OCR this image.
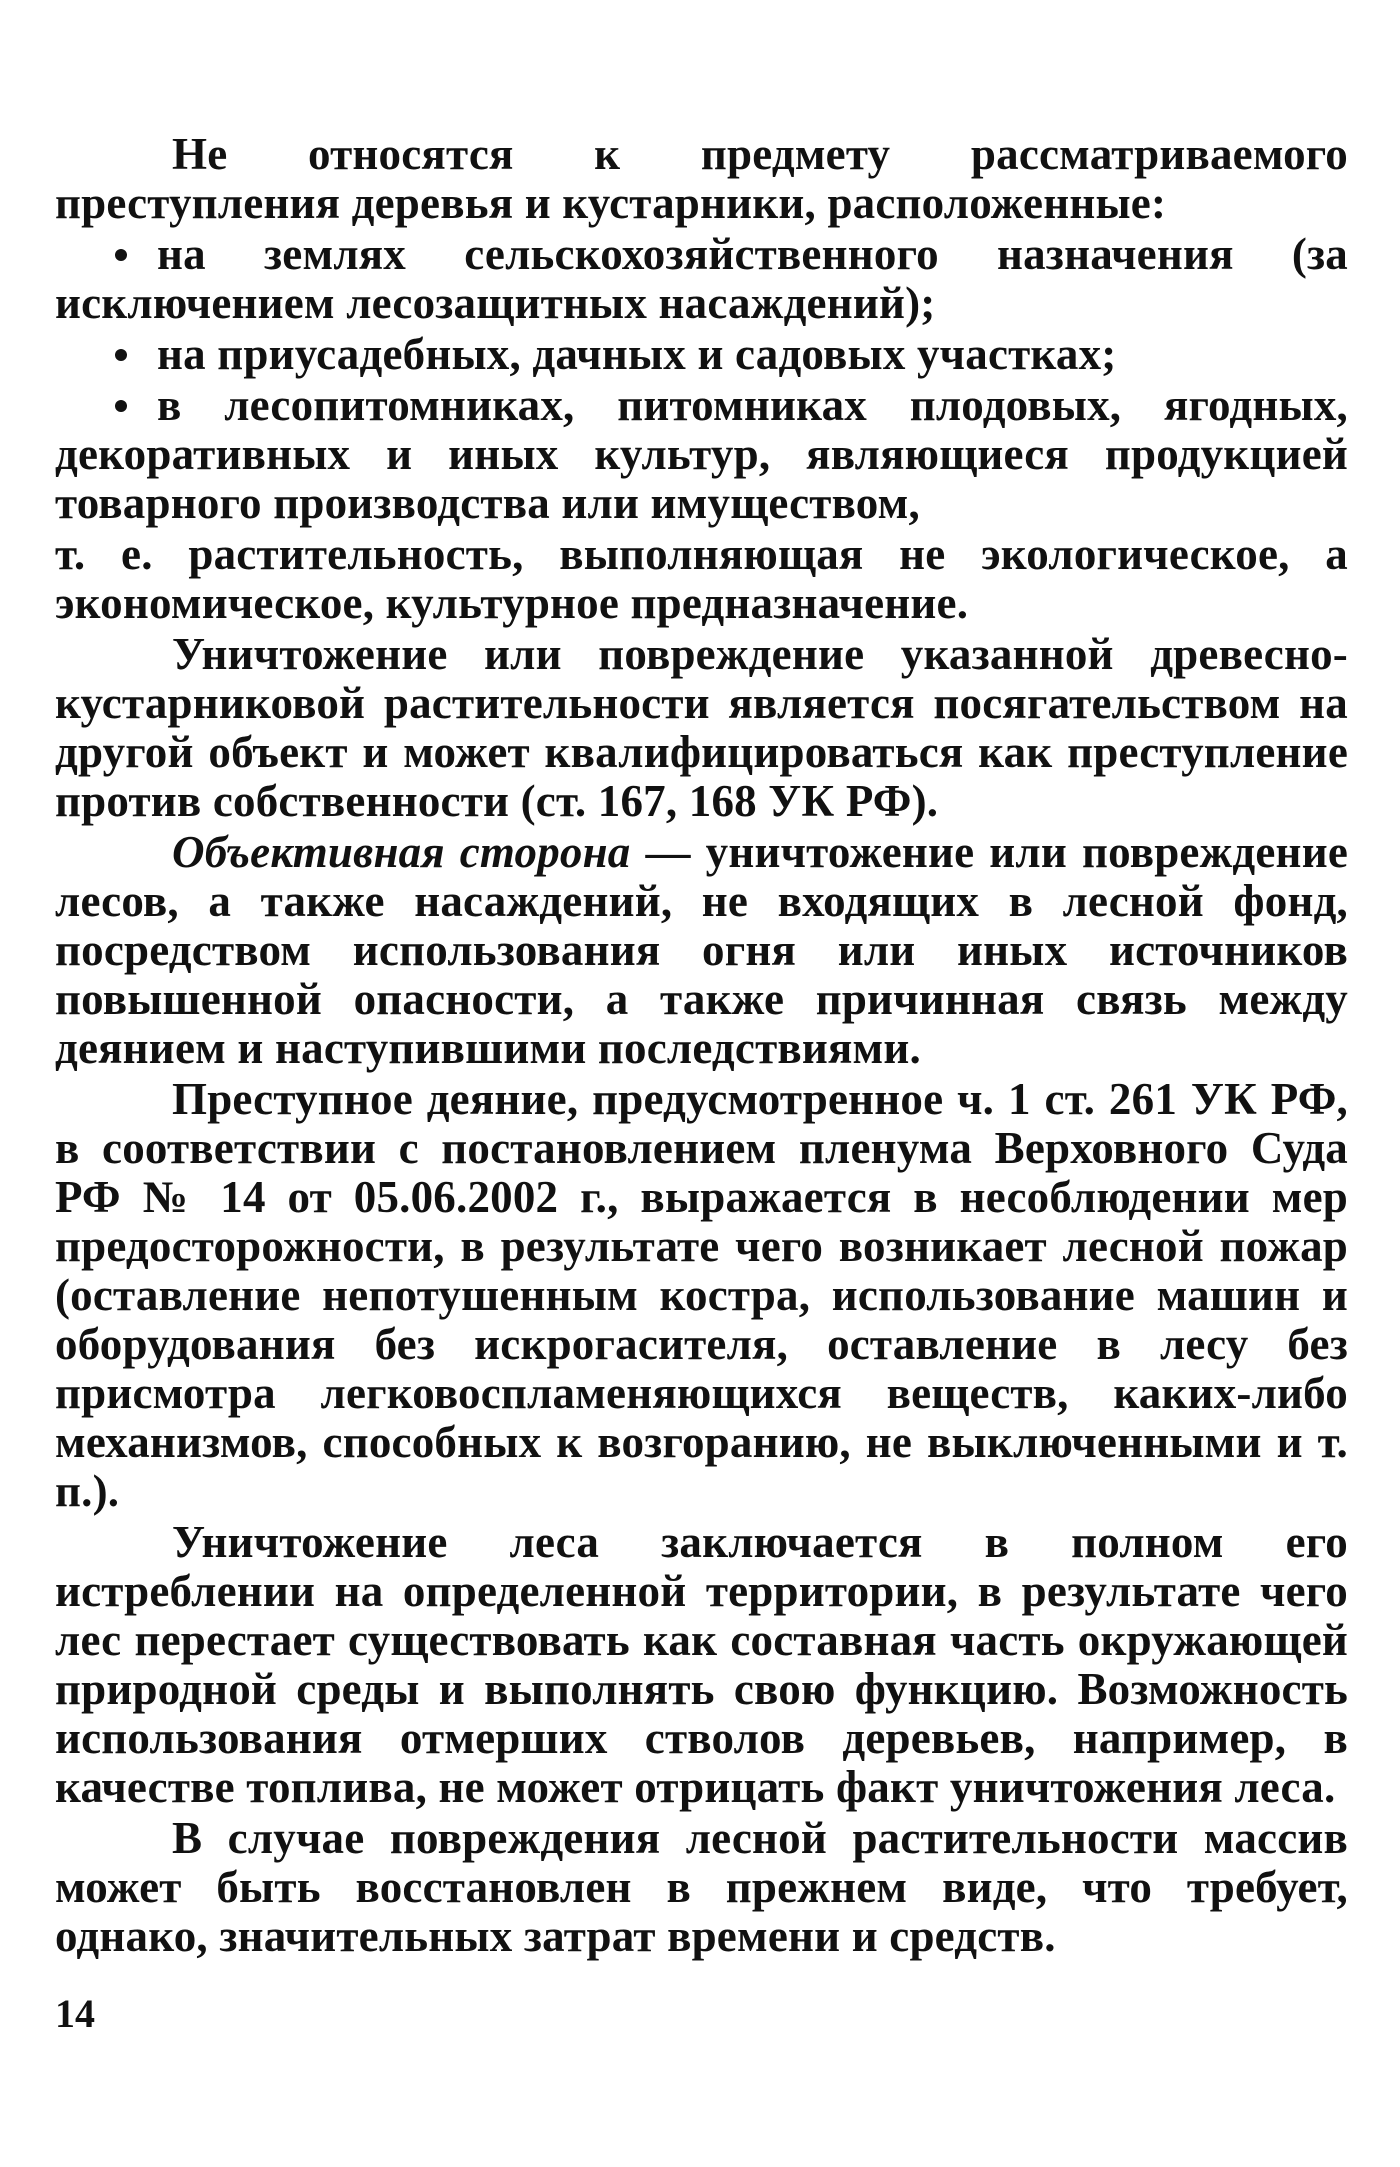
Не относятся к предмету рассматриваемого преступления деревья и кустарники, расположенные:

на землях сельскохозяйственного назначения (за исключением лесозащитных насаждений);

на приусадебных, дачных и садовых участках;

в лесопитомниках, питомниках плодовых, ягодных, декоративных и иных культур, являющиеся продукцией товарного производства или имуществом,

т. е. растительность, выполняющая не экологическое, а экономическое, культурное предназначение.

Уничтожение или повреждение указанной древесно-кустарниковой растительности является посягательством на другой объект и может квалифицироваться как преступление против собственности (ст. 167, 168 УК РФ).

Объективная сторона — уничтожение или повреждение лесов, а также насаждений, не входящих в лесной фонд, посредством использования огня или иных источников повышенной опасности, а также причинная связь между деянием и наступившими последствиями.

Преступное деяние, предусмотренное ч. 1 ст. 261 УК РФ, в соответствии с постановлением пленума Верховного Суда РФ № 14 от 05.06.2002 г., выражается в несоблюдении мер предосторожности, в результате чего возникает лесной пожар (оставление непотушенным костра, использование машин и оборудования без искрогасителя, оставление в лесу без присмотра легковоспламеняющихся веществ, каких-либо механизмов, способных к возгоранию, не выключенными и т. п.).

Уничтожение леса заключается в полном его истреблении на определенной территории, в результате чего лес перестает существовать как составная часть окружающей природной среды и выполнять свою функцию. Возможность использования отмерших стволов деревьев, например, в качестве топлива, не может отрицать факт уничтожения леса.

В случае повреждения лесной растительности массив может быть восстановлен в прежнем виде, что требует, однако, значительных затрат времени и средств.

14
